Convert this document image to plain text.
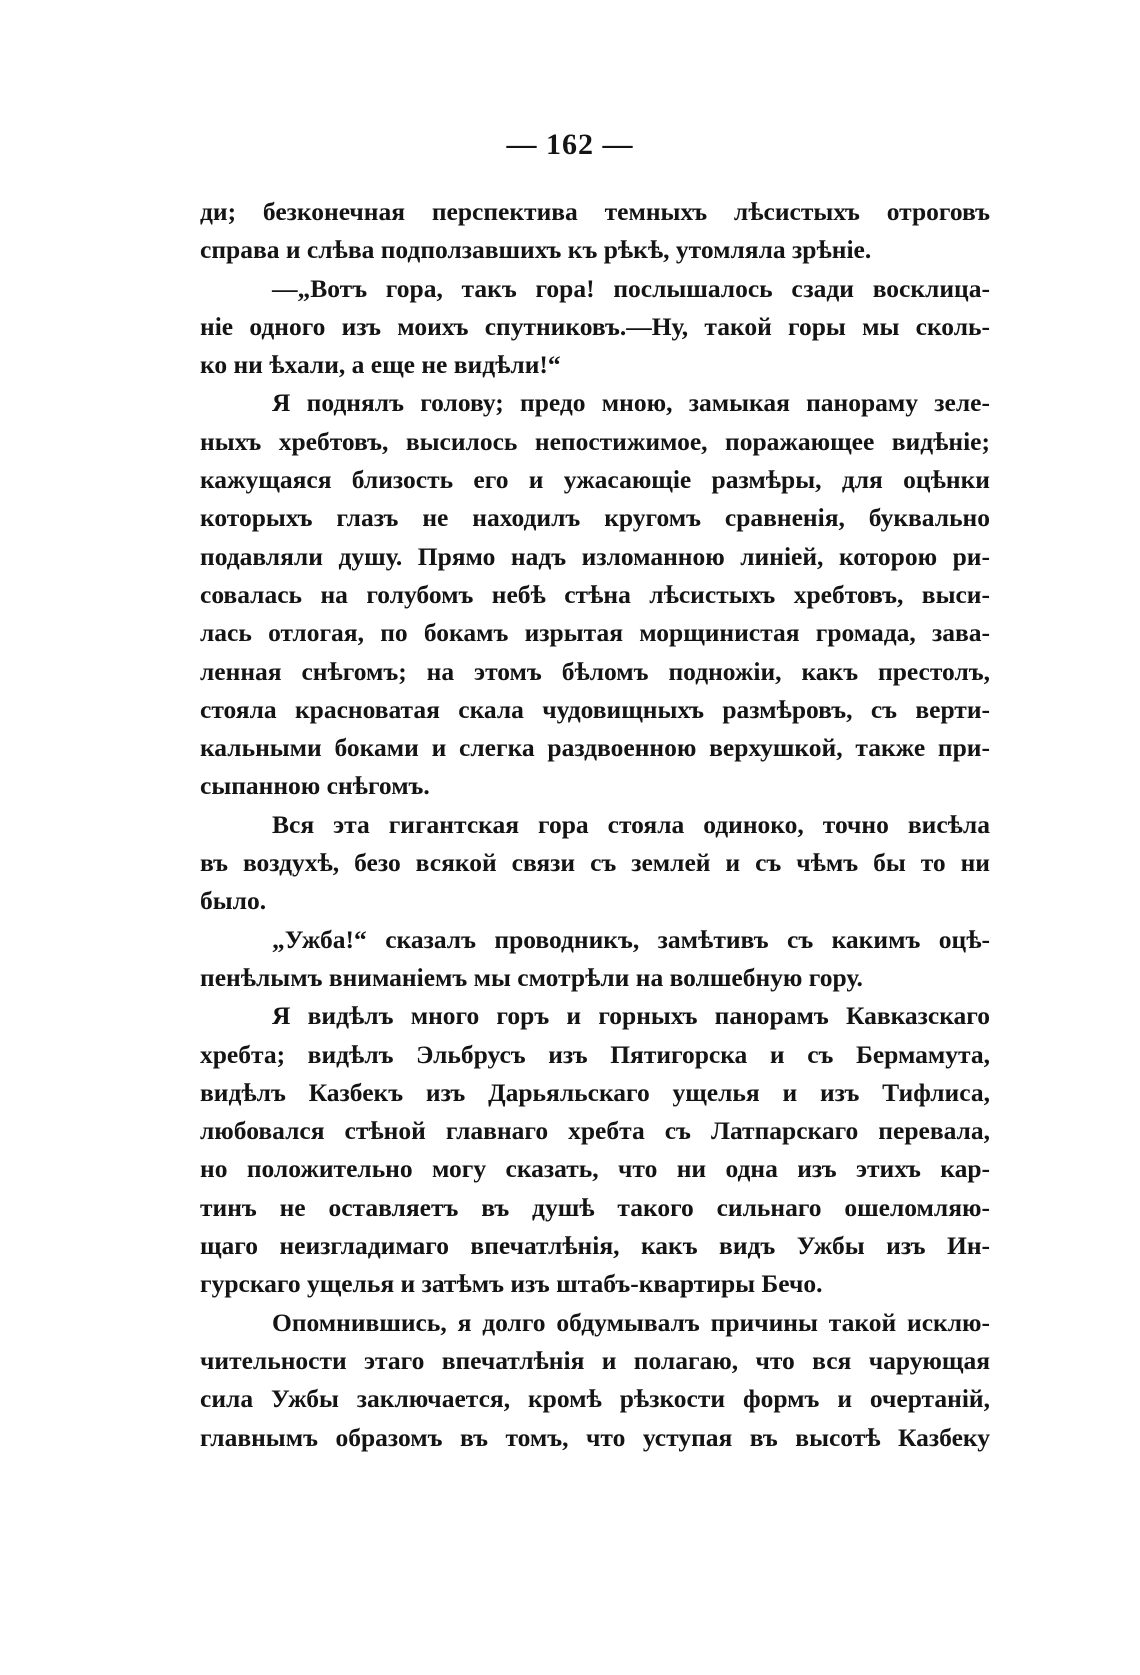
— 162 —
ди; безконечная перспектива темныхъ лѣсистыхъ отроговъ
справа и слѣва подползавшихъ къ рѣкѣ, утомляла зрѣніе.
—„Вотъ гора, такъ гора! послышалось сзади восклица-
ніе одного изъ моихъ спутниковъ.—Ну, такой горы мы сколь-
ко ни ѣхали, а еще не видѣли!“
Я поднялъ голову; предо мною, замыкая панораму зеле-
ныхъ хребтовъ, высилось непостижимое, поражающее видѣніе;
кажущаяся близость его и ужасающіе размѣры, для оцѣнки
которыхъ глазъ не находилъ кругомъ сравненія, буквально
подавляли душу. Прямо надъ изломанною линіей, которою ри-
совалась на голубомъ небѣ стѣна лѣсистыхъ хребтовъ, выси-
лась отлогая, по бокамъ изрытая морщинистая громада, зава-
ленная снѣгомъ; на этомъ бѣломъ подножіи, какъ престолъ,
стояла красноватая скала чудовищныхъ размѣровъ, съ верти-
кальными боками и слегка раздвоенною верхушкой, также при-
сыпанною снѣгомъ.
Вся эта гигантская гора стояла одиноко, точно висѣла
въ воздухѣ, безо всякой связи съ землей и съ чѣмъ бы то ни
было.
„Ужба!“ сказалъ проводникъ, замѣтивъ съ какимъ оцѣ-
пенѣлымъ вниманіемъ мы смотрѣли на волшебную гору.
Я видѣлъ много горъ и горныхъ панорамъ Кавказскаго
хребта; видѣлъ Эльбрусъ изъ Пятигорска и съ Бермамута,
видѣлъ Казбекъ изъ Дарьяльскаго ущелья и изъ Тифлиса,
любовался стѣной главнаго хребта съ Латпарскаго перевала,
но положительно могу сказать, что ни одна изъ этихъ кар-
тинъ не оставляетъ въ душѣ такого сильнаго ошеломляю-
щаго неизгладимаго впечатлѣнія, какъ видъ Ужбы изъ Ин-
гурскаго ущелья и затѣмъ изъ штабъ-квартиры Бечо.
Опомнившись, я долго обдумывалъ причины такой исклю-
чительности этаго впечатлѣнія и полагаю, что вся чарующая
сила Ужбы заключается, кромѣ рѣзкости формъ и очертаній,
главнымъ образомъ въ томъ, что уступая въ высотѣ Казбеку
